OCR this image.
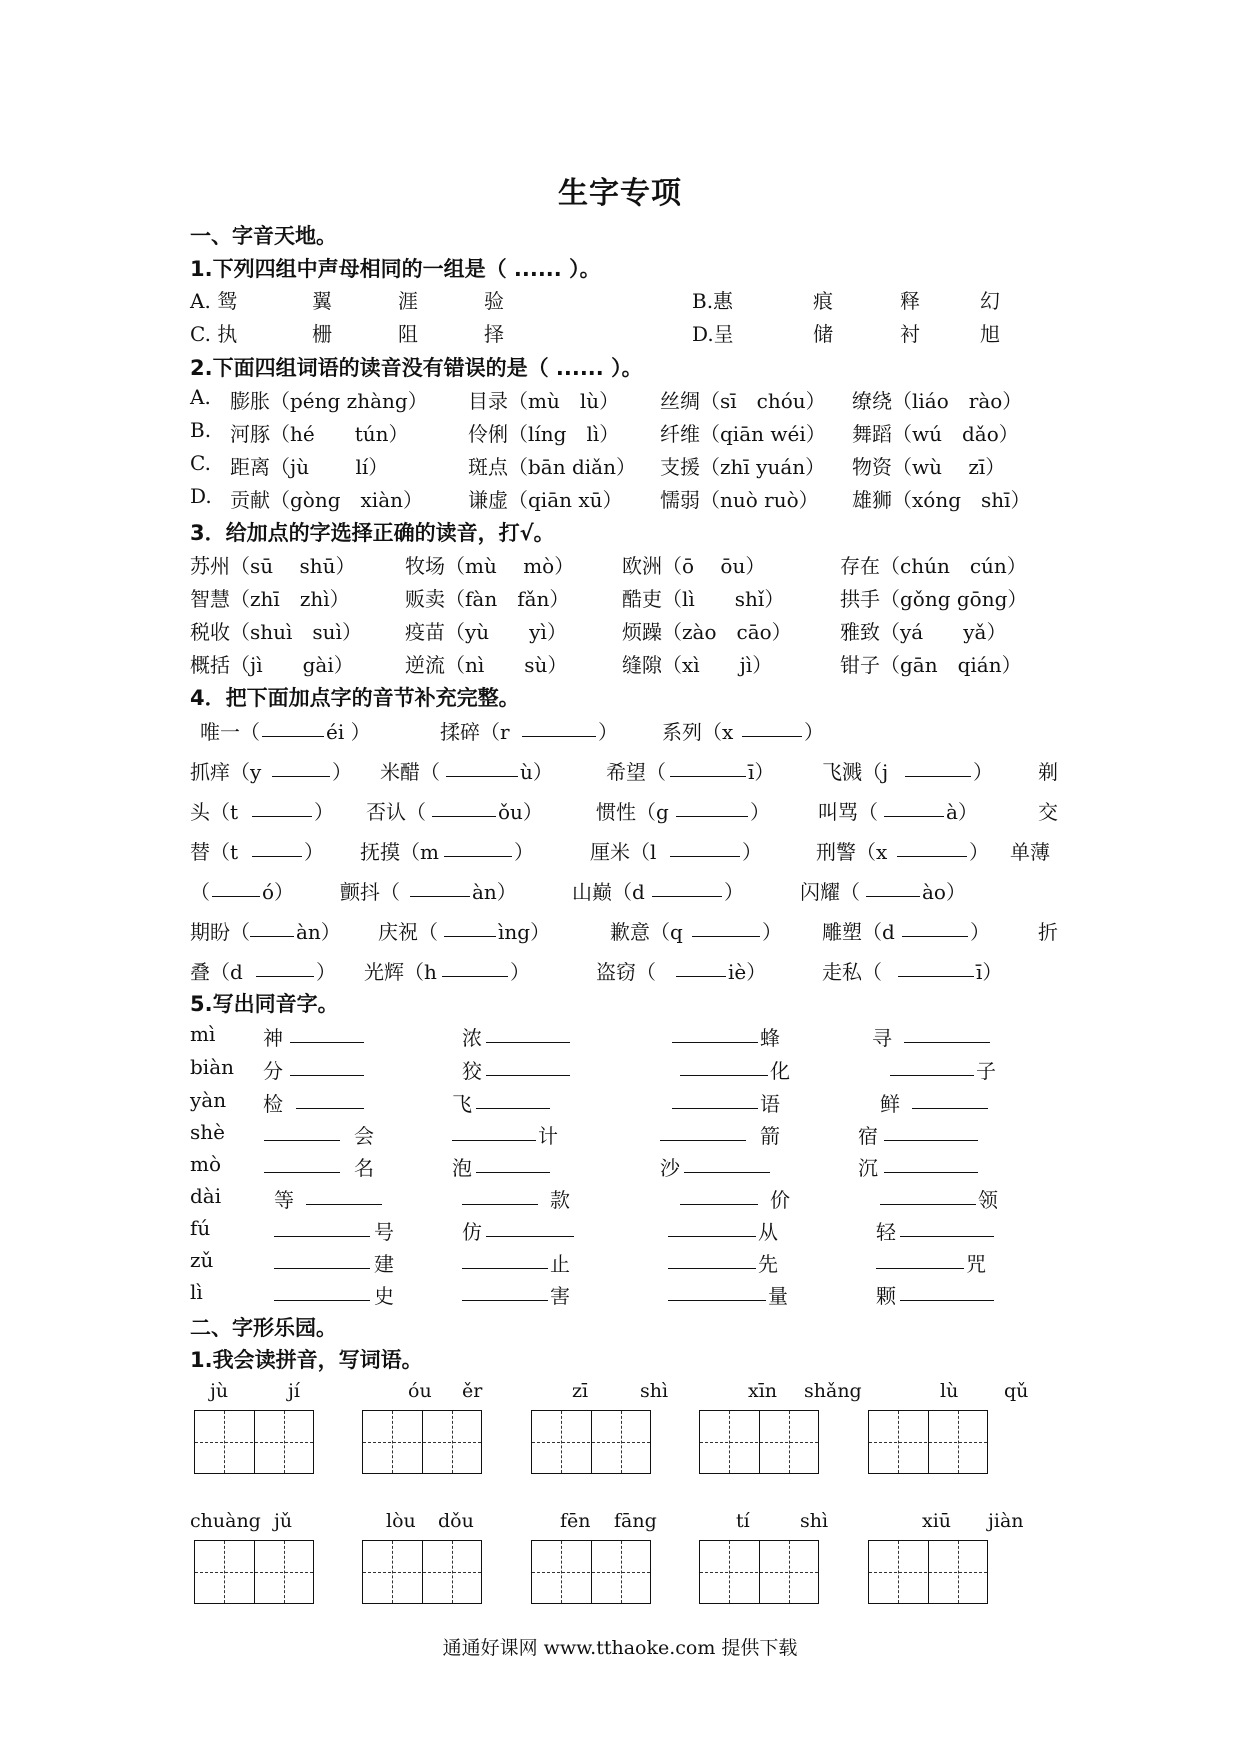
生字专项
一、字音天地。
1.下列四组中声母相同的一组是（ ...... ）。
A. 鸳	翼	涯	验	B.惠	痕	释	幻
C. 执	栅	阻	择	D.呈	储	衬	旭
2.下面四组词语的读音没有错误的是（ ...... ）。
A. 膨胀（péng zhàng） 目录（mù　lù） 丝绸（sī　chóu） 缭绕（liáo　rào）
B. 河豚（hé　　tún）	伶俐（líng　lì） 纤维（qiān wéi） 舞蹈（wú　dǎo）
C. 距离（jù　　 lí）	斑点（bān diǎn） 支援（zhī yuán） 物资（wù　 zī）
D. 贡献（gòng　xiàn） 谦虚（qiān xū） 懦弱（nuò ruò） 雄狮（xóng　shī）
3．给加点的字选择正确的读音，打√。
苏州（sū　 shū） 牧场（mù　 mò） 欧洲（ō　 ōu）	存在（chún　cún）
智慧（zhī　zhì）	贩卖（fàn　fǎn）	酷吏（lì　　shǐ）	拱手（gǒng gōng）
税收（shuì　suì） 疫苗（yù　　yì）	烦躁（zào　cāo） 雅致（yá　　yǎ）
概括（jì　　gài）	逆流（nì　　sù）	缝隙（xì　　jì）	钳子（gān　qián）
4．把下面加点字的音节补充完整。
唯一（	éi ）	揉碎（r	） 系列（x	）
抓痒（y	） 米醋（	ù）	希望（	ī） 飞溅（j	） 剃
头（t	） 否认（	ǒu）	惯性（g	） 叫骂（	à）	交
替（t	） 抚摸（m	）	厘米（l	）	刑警（x	） 单薄
（	ó） 颤抖（	àn）	山巅（d	）	闪耀（	ào）
期盼（ àn） 庆祝（	ìng）	歉意（q	） 雕塑（d	） 折
叠（d	） 光辉（h	）	盗窃（	iè）	走私（	ī）
5.写出同音字。
mì 神	浓	蜂	寻
biàn 分	狡	化	子
yàn 检	飞	语	鲜
shè	会	计	箭	宿
mò	名	泡	沙	沉
dài	等	款	价	领
fú	号	仿	从	轻
zǔ	建	止	先	咒
lì	史	害	量	颗
二、字形乐园。
1.我会读拼音，写词语。
jù	jí	óu ěr	zī	shì	xīn shǎng	lù qǔ
chuàng jǔ	lòu dǒu	fēn fāng	tí	shì	xiū jiàn
通通好课网 www.tthaoke.com 提供下载
